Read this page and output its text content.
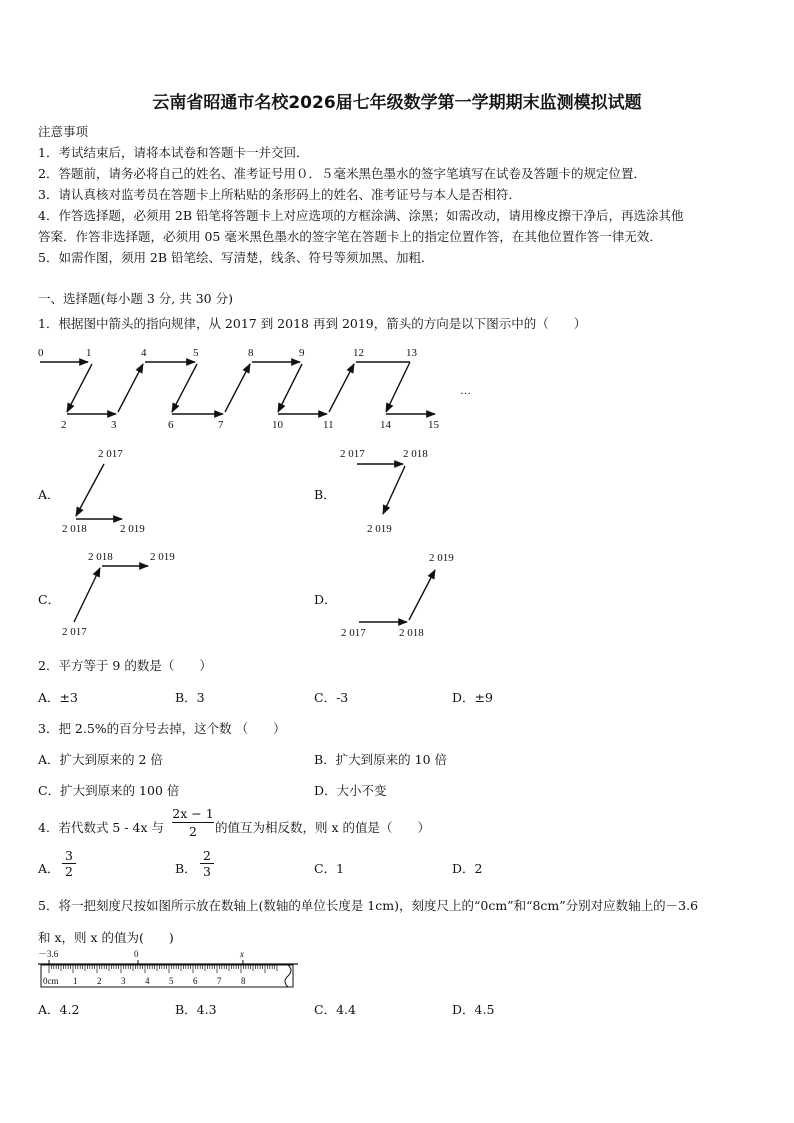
云南省昭通市名校2026届七年级数学第一学期期末监测模拟试题
注意事项
1．考试结束后，请将本试卷和答题卡一并交回．
2．答题前，请务必将自己的姓名、准考证号用０．５毫米黑色墨水的签字笔填写在试卷及答题卡的规定位置．
3．请认真核对监考员在答题卡上所粘贴的条形码上的姓名、准考证号与本人是否相符．
4．作答选择题，必须用 2B 铅笔将答题卡上对应选项的方框涂满、涂黑；如需改动，请用橡皮擦干净后，再选涂其他
答案．作答非选择题，必须用 05 毫米黑色墨水的签字笔在答题卡上的指定位置作答，在其他位置作答一律无效．
5．如需作图，须用 2B 铅笔绘、写清楚，线条、符号等须加黑、加粗．
一、选择题(每小题 3 分, 共 30 分)
1．根据图中箭头的指向规律，从 2017 到 2018 再到 2019，箭头的方向是以下图示中的（　　）
0	1	4	5	8	9	12	13
2	3	6	7	10	11	14	15
…
A．
2 017
2 018	2 019
B．
2 017	2 018
2 019
C．
2 018	2 019
2 017
D．
2 019
2 017	2 018
2．平方等于 9 的数是（　　）
A．±3	B．3	C．-3	D．±9
3．把 2.5%的百分号去掉，这个数 （　　）
A．扩大到原来的 2 倍	B．扩大到原来的 10 倍
C．扩大到原来的 100 倍	D．大小不变
4．若代数式 5 - 4x 与 $\frac{2x - 1}{2}$ 的值互为相反数，则 x 的值是（　　）
A．
3
2	B．
2
3	C．1	D．2
5．将一把刻度尺按如图所示放在数轴上(数轴的单位长度是 1cm)，刻度尺上的“0cm”和“8cm”分别对应数轴上的－3.6
和 x，则 x 的值为(　　)
－3.6	0	x
0cm 1 2 3 4 5 6 7 8
A．4.2	B．4.3	C．4.4	D．4.5
